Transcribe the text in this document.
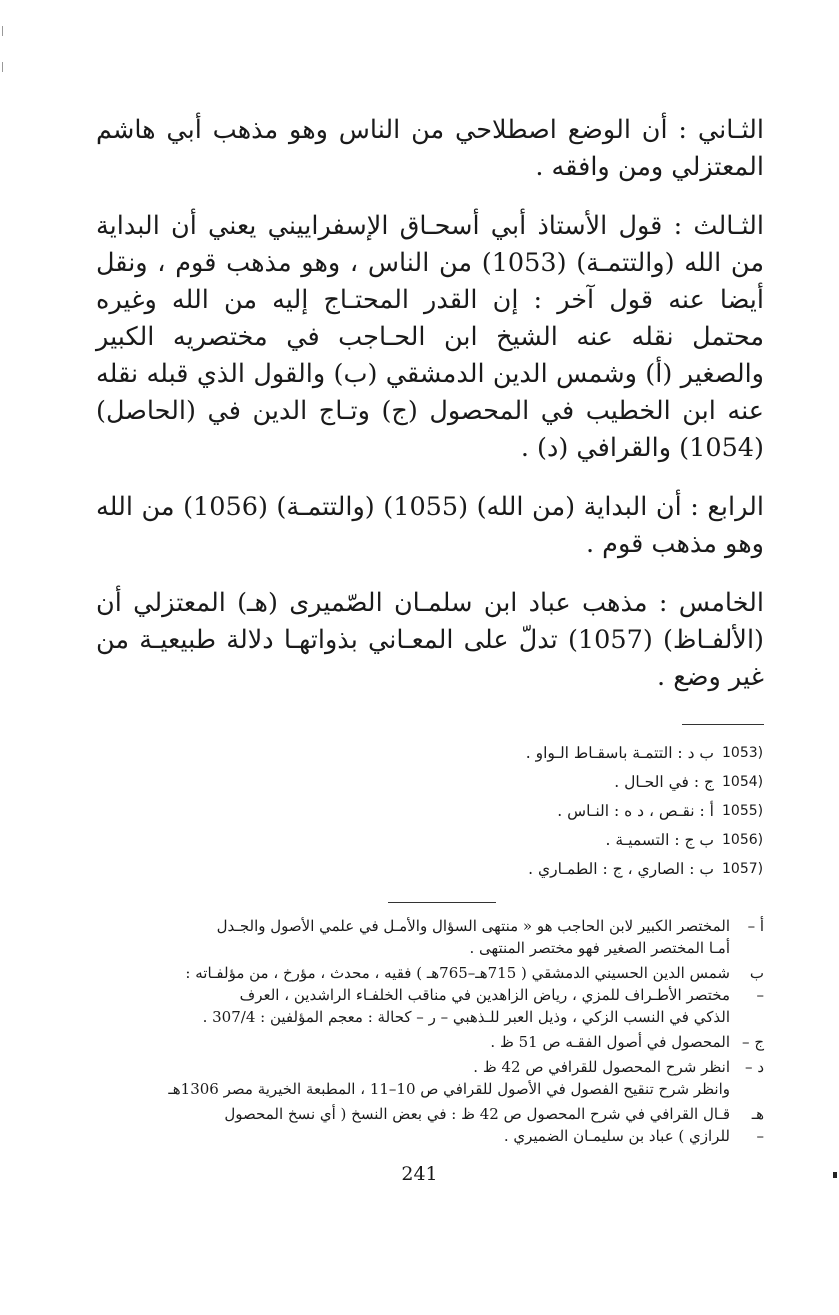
الثـاني : أن الوضع اصطلاحي من الناس وهو مذهب أبي هاشم المعتزلي ومن وافقه .

الثـالث : قول الأستاذ أبي أسحـاق الإسفراييني يعني أن البداية من الله (والتتمـة) (1053) من الناس ، وهو مذهب قوم ، ونقل أيضا عنه قول آخر : إن القدر المحتـاج إليه من الله وغيره محتمل نقله عنه الشيخ ابن الحـاجب في مختصريه الكبير والصغير (أ) وشمس الدين الدمشقي (ب) والقول الذي قبله نقله عنه ابن الخطيب في المحصول (ج) وتـاج الدين في (الحاصل) (1054) والقرافي (د) .

الرابع : أن البداية (من الله) (1055) (والتتمـة) (1056) من الله وهو مذهب قوم .

الخامس : مذهب عباد ابن سلمـان الصّميرى (هـ) المعتزلي أن (الألفـاظ) (1057) تدلّ على المعـاني بذواتهـا دلالة طبيعيـة من غير وضع .

1053)
ب د : التتمـة باسقـاط الـواو .
1054)
ج : في الحـال .
1055)
أ : نقـص ، د ه : النـاس .
1056)
ب ج : التسميـة .
1057)
ب : الصاري ، ج : الطمـاري .
أ –
المختصر الكبير لابن الحاجب هو « منتهى السؤال والأمـل في علمي الأصول والجـدل
أمـا المختصر الصغير فهو مختصر المنتهى .
ب –
شمس الدين الحسيني الدمشقي ( 715هـ–765هـ ) فقيه ، محدث ، مؤرخ ، من مؤلفـاته :
مختصر الأطـراف للمزي ، رياض الزاهدين في مناقب الخلفـاء الراشدين ، العرف
الذكي في النسب الزكي ، وذيل العبر للـذهبي – ر – كحالة : معجم المؤلفين : 307/4 .
ج –
المحصول في أصول الفقـه ص 51 ظ .
د –
انظر شرح المحصول للقرافي ص 42 ظ .
وانظر شرح تنقيح الفصول في الأصول للقرافي ص 10–11 ، المطبعة الخيرية مصر 1306هـ
هـ –
قـال القرافي في شرح المحصول ص 42 ظ : في بعض النسخ ( أي نسخ المحصول
للرازي ) عباد بن سليمـان الضميري .
241
